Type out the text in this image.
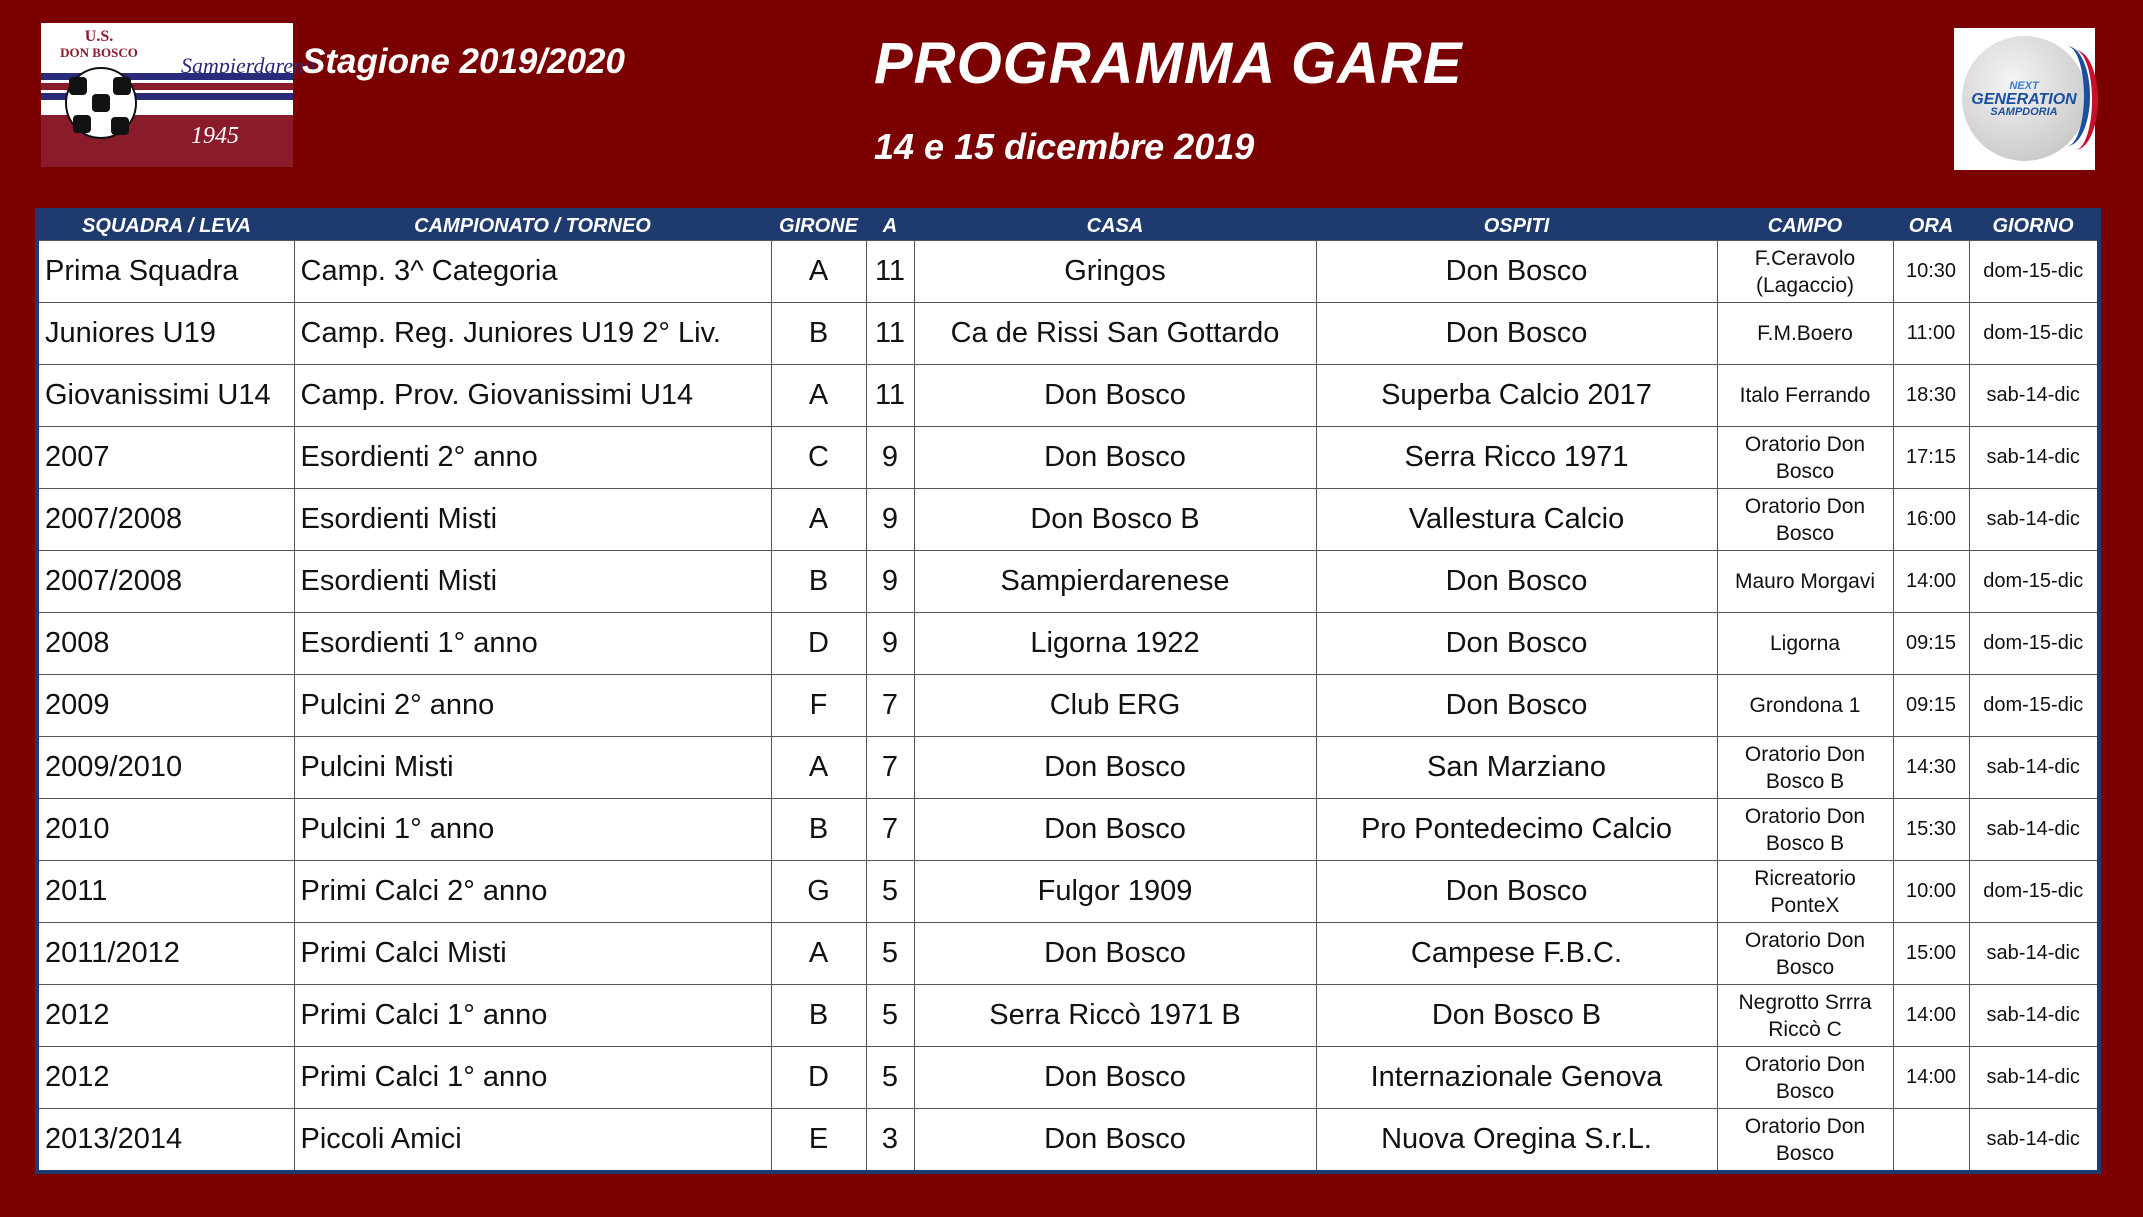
U.S.
DON BOSCO
Sampierdarena
1945
Stagione 2019/2020	PROGRAMMA GARE
14 e 15 dicembre 2019
NEXT
GENERATION
SAMPDORIA
SQUADRA / LEVA	CAMPIONATO / TORNEO	GIRONE	A	CASA	OSPITI	CAMPO	ORA	GIORNO
Prima Squadra	Camp. 3^ Categoria	A	11	Gringos	Don Bosco	F.Ceravolo (Lagaccio)	10:30	dom-15-dic
Juniores U19	Camp. Reg. Juniores U19 2° Liv.	B	11	Ca de Rissi San Gottardo	Don Bosco	F.M.Boero	11:00	dom-15-dic
Giovanissimi U14	Camp. Prov. Giovanissimi U14	A	11	Don Bosco	Superba Calcio 2017	Italo Ferrando	18:30	sab-14-dic
2007	Esordienti 2° anno	C	9	Don Bosco	Serra Ricco 1971	Oratorio Don Bosco	17:15	sab-14-dic
2007/2008	Esordienti Misti	A	9	Don Bosco B	Vallestura Calcio	Oratorio Don Bosco	16:00	sab-14-dic
2007/2008	Esordienti Misti	B	9	Sampierdarenese	Don Bosco	Mauro Morgavi	14:00	dom-15-dic
2008	Esordienti 1° anno	D	9	Ligorna 1922	Don Bosco	Ligorna	09:15	dom-15-dic
2009	Pulcini 2° anno	F	7	Club ERG	Don Bosco	Grondona 1	09:15	dom-15-dic
2009/2010	Pulcini Misti	A	7	Don Bosco	San Marziano	Oratorio Don Bosco B	14:30	sab-14-dic
2010	Pulcini 1° anno	B	7	Don Bosco	Pro Pontedecimo Calcio	Oratorio Don Bosco B	15:30	sab-14-dic
2011	Primi Calci 2° anno	G	5	Fulgor 1909	Don Bosco	Ricreatorio PonteX	10:00	dom-15-dic
2011/2012	Primi Calci Misti	A	5	Don Bosco	Campese F.B.C.	Oratorio Don Bosco	15:00	sab-14-dic
2012	Primi Calci 1° anno	B	5	Serra Riccò 1971 B	Don Bosco B	Negrotto Srrra Riccò C	14:00	sab-14-dic
2012	Primi Calci 1° anno	D	5	Don Bosco	Internazionale Genova	Oratorio Don Bosco	14:00	sab-14-dic
2013/2014	Piccoli Amici	E	3	Don Bosco	Nuova Oregina S.r.L.	Oratorio Don Bosco		sab-14-dic
